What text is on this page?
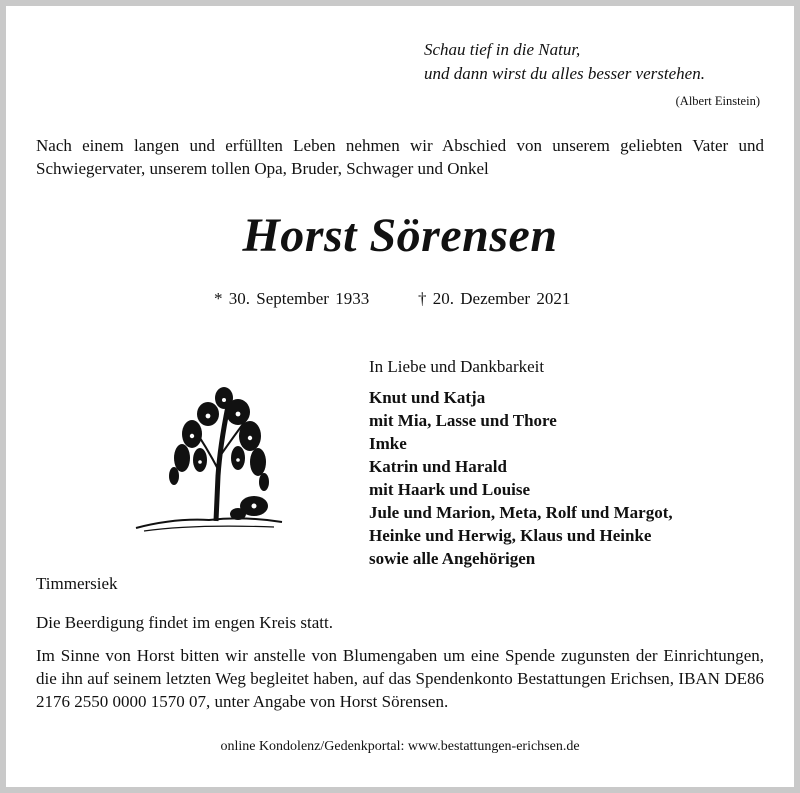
Schau tief in die Natur,
und dann wirst du alles besser verstehen.
(Albert Einstein)
Nach einem langen und erfüllten Leben nehmen wir Abschied von unserem geliebten Vater und Schwiegervater, unserem tollen Opa, Bruder, Schwager und Onkel
Horst Sörensen
* 30. September 1933	† 20. Dezember 2021
In Liebe und Dankbarkeit
Knut und Katja
mit Mia, Lasse und Thore
Imke
Katrin und Harald
mit Haark und Louise
Jule und Marion, Meta, Rolf und Margot,
Heinke und Herwig, Klaus und Heinke
sowie alle Angehörigen
Timmersiek
Die Beerdigung findet im engen Kreis statt.
Im Sinne von Horst bitten wir anstelle von Blumengaben um eine Spende zugunsten der Einrichtungen, die ihn auf seinem letzten Weg begleitet haben, auf das Spendenkonto Bestattungen Erichsen, IBAN DE86 2176 2550 0000 1570 07, unter Angabe von Horst Sörensen.
online Kondolenz/Gedenkportal: www.bestattungen-erichsen.de
